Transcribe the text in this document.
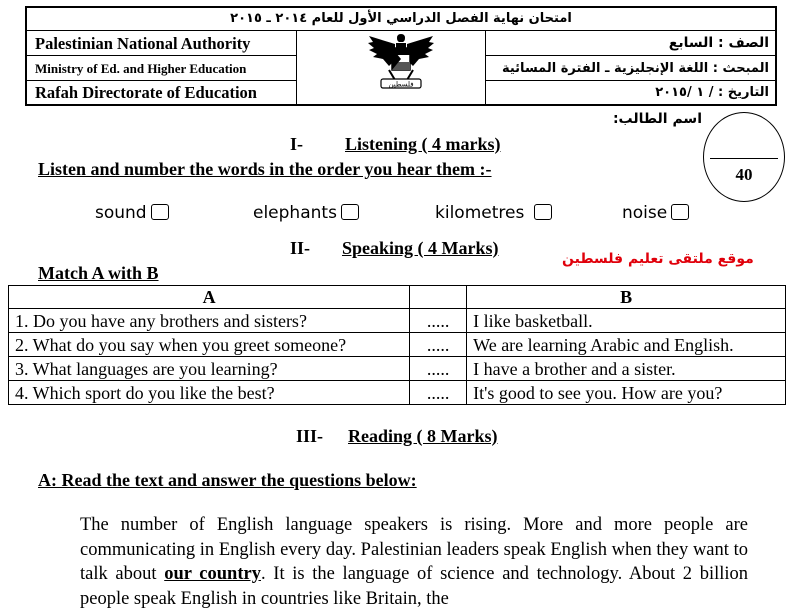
امتحان نهاية الفصل الدراسي الأول للعام ٢٠١٤ ـ ٢٠١٥
Palestinian National Authority
Ministry of Ed. and Higher Education
Rafah Directorate of Education
الصف : السابع
المبحث : اللغة الإنجليزية ـ الفترة المسائية
التاريخ : / ١ /٢٠١٥
فلسطين
اسم الطالب:
40
I- Listening ( 4 marks)
Listen and number the words in the order you hear them :-
sound	elephants	kilometres	noise
II- Speaking ( 4 Marks)
موقع ملتقى تعليم فلسطين
Match A with B
A		B
1. Do you have any brothers and sisters?	.....	I like basketball.
2. What do you say when you greet someone?	.....	We are learning Arabic and English.
3. What languages are you learning?	.....	I have a brother and a sister.
4. Which sport do you like the best?	.....	It's good to see you. How are you?
III- Reading ( 8 Marks)
A: Read the text and answer the questions below:
The number of English language speakers is rising. More and more people are communicating in English every day. Palestinian leaders speak English when they want to talk about our country. It is the language of science and technology. About 2 billion people speak English in countries like Britain, the
